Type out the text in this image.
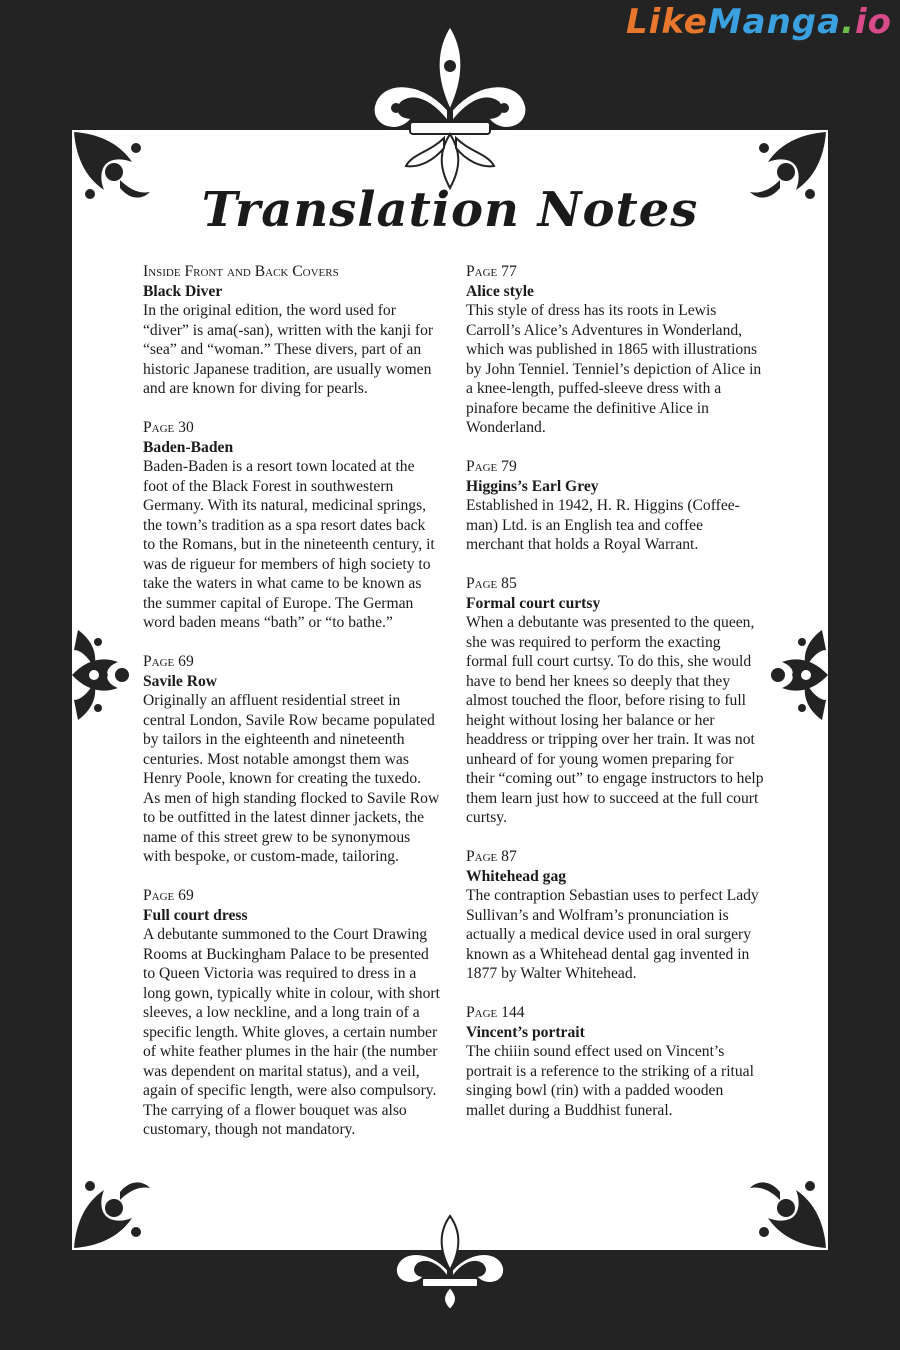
LikeManga.io
Translation Notes
Inside Front and Back Covers
Black Diver
In the original edition, the word used for “diver” is ama(-san), written with the kanji for “sea” and “woman.” These divers, part of an historic Japanese tradition, are usually women and are known for diving for pearls.
Page 30
Baden-Baden
Baden-Baden is a resort town located at the foot of the Black Forest in southwestern Germany. With its natural, medicinal springs, the town’s tradition as a spa resort dates back to the Romans, but in the nineteenth century, it was de rigueur for members of high society to take the waters in what came to be known as the summer capital of Europe. The German word baden means “bath” or “to bathe.”
Page 69
Savile Row
Originally an affluent residential street in central London, Savile Row became populated by tailors in the eighteenth and nineteenth centuries. Most notable amongst them was Henry Poole, known for creating the tuxedo. As men of high standing flocked to Savile Row to be outfitted in the latest dinner jackets, the name of this street grew to be synonymous with bespoke, or custom-made, tailoring.
Page 69
Full court dress
A debutante summoned to the Court Drawing Rooms at Buckingham Palace to be presented to Queen Victoria was required to dress in a long gown, typically white in colour, with short sleeves, a low neckline, and a long train of a specific length. White gloves, a certain number of white feather plumes in the hair (the number was dependent on marital status), and a veil, again of specific length, were also compulsory. The carrying of a flower bouquet was also customary, though not mandatory.
Page 77
Alice style
This style of dress has its roots in Lewis Carroll’s Alice’s Adventures in Wonderland, which was published in 1865 with illustrations by John Tenniel. Tenniel’s depiction of Alice in a knee-length, puffed-sleeve dress with a pinafore became the definitive Alice in Wonderland.
Page 79
Higgins’s Earl Grey
Established in 1942, H. R. Higgins (Coffee-man) Ltd. is an English tea and coffee merchant that holds a Royal Warrant.
Page 85
Formal court curtsy
When a debutante was presented to the queen, she was required to perform the exacting formal full court curtsy. To do this, she would have to bend her knees so deeply that they almost touched the floor, before rising to full height without losing her balance or her headdress or tripping over her train. It was not unheard of for young women preparing for their “coming out” to engage instructors to help them learn just how to succeed at the full court curtsy.
Page 87
Whitehead gag
The contraption Sebastian uses to perfect Lady Sullivan’s and Wolfram’s pronunciation is actually a medical device used in oral surgery known as a Whitehead dental gag invented in 1877 by Walter Whitehead.
Page 144
Vincent’s portrait
The chiiin sound effect used on Vincent’s portrait is a reference to the striking of a ritual singing bowl (rin) with a padded wooden mallet during a Buddhist funeral.
